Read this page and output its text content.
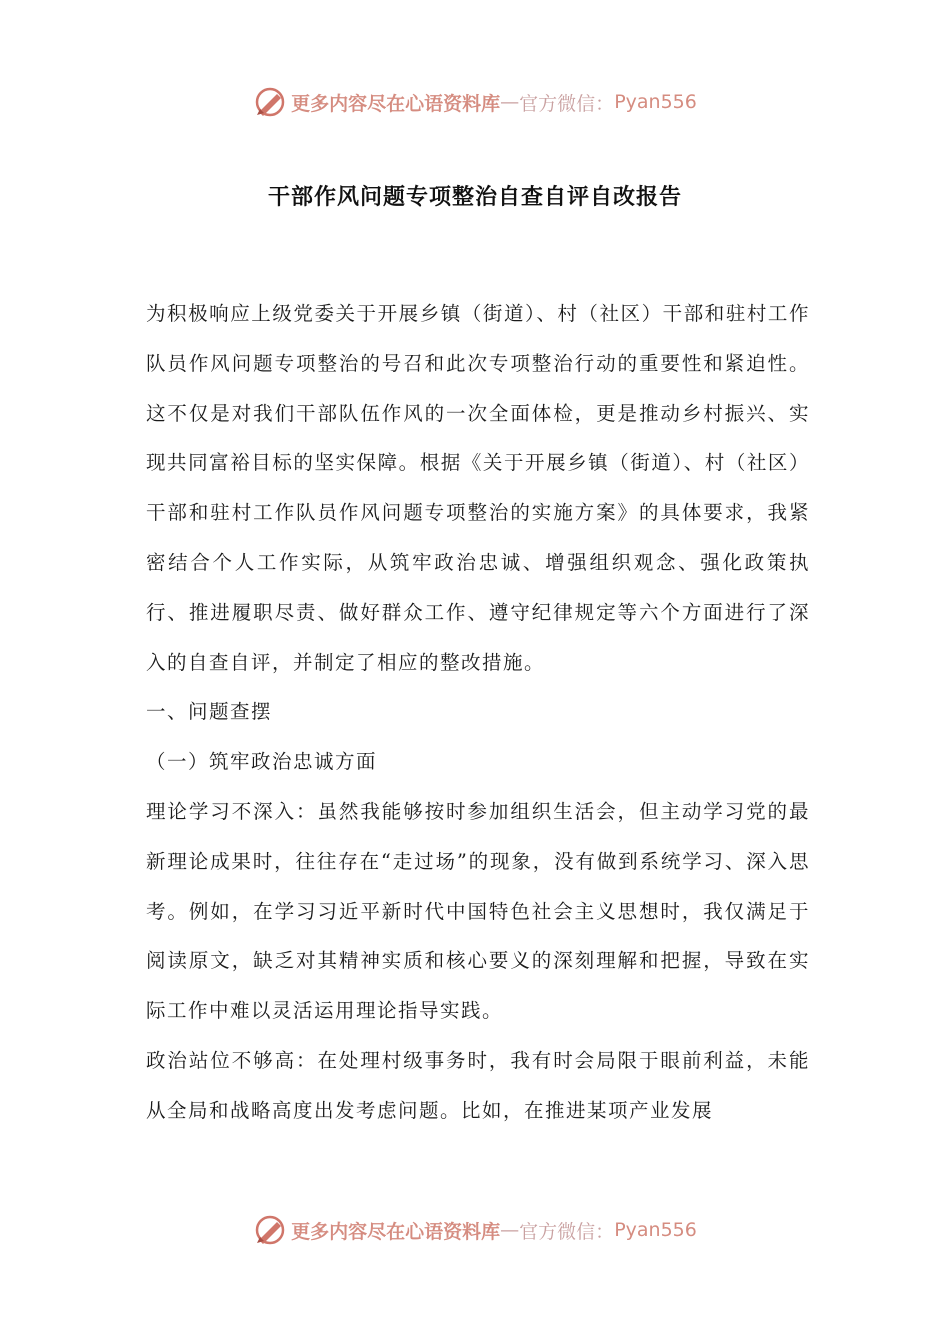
更多内容尽在心语资料库 — 官方微信： Pyan556
干部作风问题专项整治自查自评自改报告

为积极响应上级党委关于开展乡镇（街道）、村（社区）干部和驻村工作队员作风问题专项整治的号召和此次专项整治行动的重要性和紧迫性。这不仅是对我们干部队伍作风的一次全面体检，更是推动乡村振兴、实现共同富裕目标的坚实保障。根据《关于开展乡镇（街道）、村（社区）干部和驻村工作队员作风问题专项整治的实施方案》的具体要求，我紧密结合个人工作实际，从筑牢政治忠诚、增强组织观念、强化政策执行、推进履职尽责、做好群众工作、遵守纪律规定等六个方面进行了深入的自查自评，并制定了相应的整改措施。

一、问题查摆

（一）筑牢政治忠诚方面

理论学习不深入：虽然我能够按时参加组织生活会，但主动学习党的最新理论成果时，往往存在“走过场”的现象，没有做到系统学习、深入思考。例如，在学习习近平新时代中国特色社会主义思想时，我仅满足于阅读原文，缺乏对其精神实质和核心要义的深刻理解和把握，导致在实际工作中难以灵活运用理论指导实践。

政治站位不够高：在处理村级事务时，我有时会局限于眼前利益，未能从全局和战略高度出发考虑问题。比如，在推进某项产业发展

更多内容尽在心语资料库 — 官方微信： Pyan556
